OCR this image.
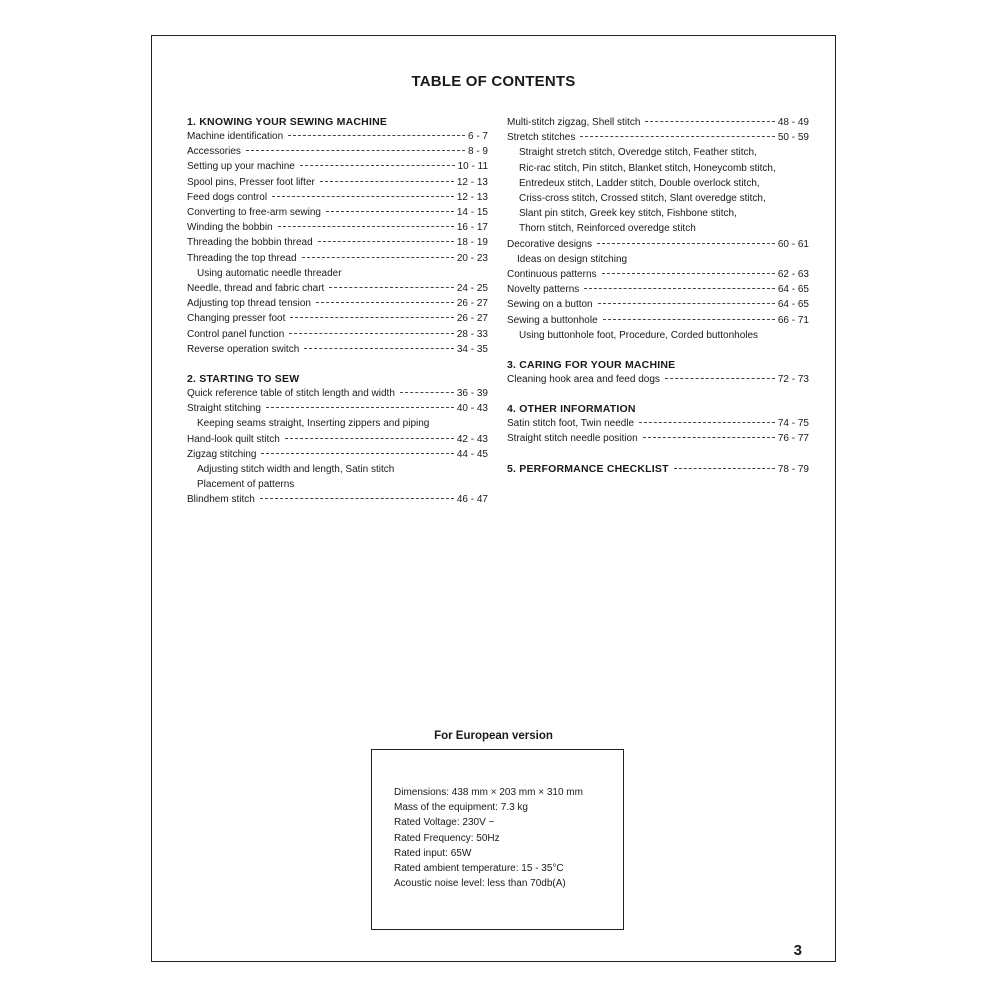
TABLE OF CONTENTS
1. KNOWING YOUR SEWING MACHINE
Machine identification	6 - 7
Accessories	8 - 9
Setting up your machine	10 - 11
Spool pins, Presser foot lifter	12 - 13
Feed dogs control	12 - 13
Converting to free-arm sewing	14 - 15
Winding the bobbin	16 - 17
Threading the bobbin thread	18 - 19
Threading the top thread	20 - 23
Using automatic needle threader
Needle, thread and fabric chart	24 - 25
Adjusting top thread tension	26 - 27
Changing presser foot	26 - 27
Control panel function	28 - 33
Reverse operation switch	34 - 35
2. STARTING TO SEW
Quick reference table of stitch length and width	36 - 39
Straight stitching	40 - 43
Keeping seams straight, Inserting zippers and piping
Hand-look quilt stitch	42 - 43
Zigzag stitching	44 - 45
Adjusting stitch width and length, Satin stitch
Placement of patterns
Blindhem stitch	46 - 47
Multi-stitch zigzag, Shell stitch	48 - 49
Stretch stitches	50 - 59
Straight stretch stitch, Overedge stitch, Feather stitch,
Ric-rac stitch, Pin stitch, Blanket stitch, Honeycomb stitch,
Entredeux stitch, Ladder stitch, Double overlock stitch,
Criss-cross stitch, Crossed stitch, Slant overedge stitch,
Slant pin stitch, Greek key stitch, Fishbone stitch,
Thorn stitch, Reinforced overedge stitch
Decorative designs	60 - 61
Ideas on design stitching
Continuous patterns	62 - 63
Novelty patterns	64 - 65
Sewing on a button	64 - 65
Sewing a buttonhole	66 - 71
Using buttonhole foot, Procedure, Corded buttonholes
3. CARING FOR YOUR MACHINE
Cleaning hook area and feed dogs	72 - 73
4. OTHER INFORMATION
Satin stitch foot, Twin needle	74 - 75
Straight stitch needle position	76 - 77
5. PERFORMANCE CHECKLIST	78 - 79
For European version
Dimensions: 438 mm × 203 mm × 310 mm
Mass of the equipment: 7.3 kg
Rated Voltage: 230V ~
Rated Frequency: 50Hz
Rated input: 65W
Rated ambient temperature: 15 - 35°C
Acoustic noise level: less than 70db(A)
3
